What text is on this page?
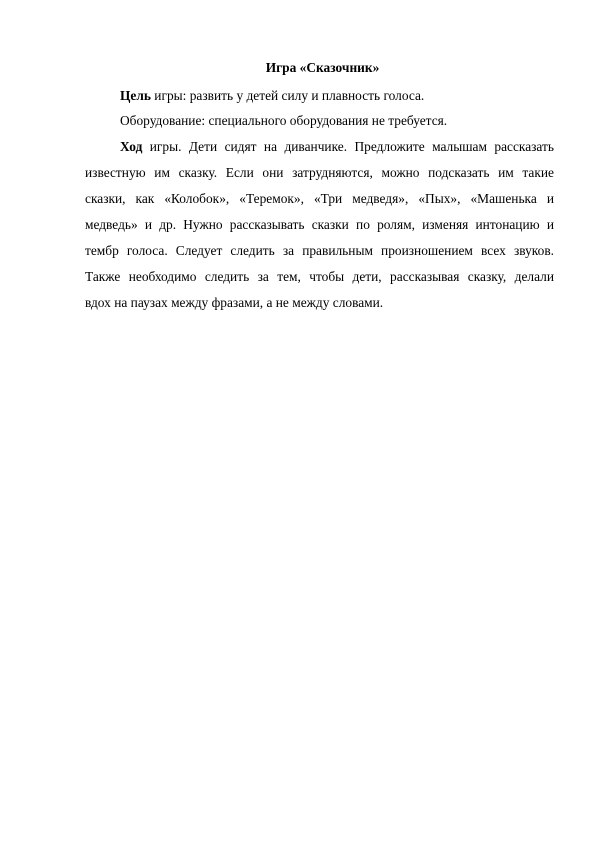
Игра «Сказочник»
Цель игры: развить у детей силу и плавность голоса.
Оборудование: специального оборудования не требуется.
Ход игры. Дети сидят на диванчике. Предложите малышам рассказать
известную им сказку. Если они затрудняются, можно подсказать им такие
сказки, как «Колобок», «Теремок», «Три медведя», «Пых», «Машенька и
медведь» и др. Нужно рассказывать сказки по ролям, изменяя интонацию и
тембр голоса. Следует следить за правильным произношением всех звуков.
Также необходимо следить за тем, чтобы дети, рассказывая сказку, делали
вдох на паузах между фразами, а не между словами.
